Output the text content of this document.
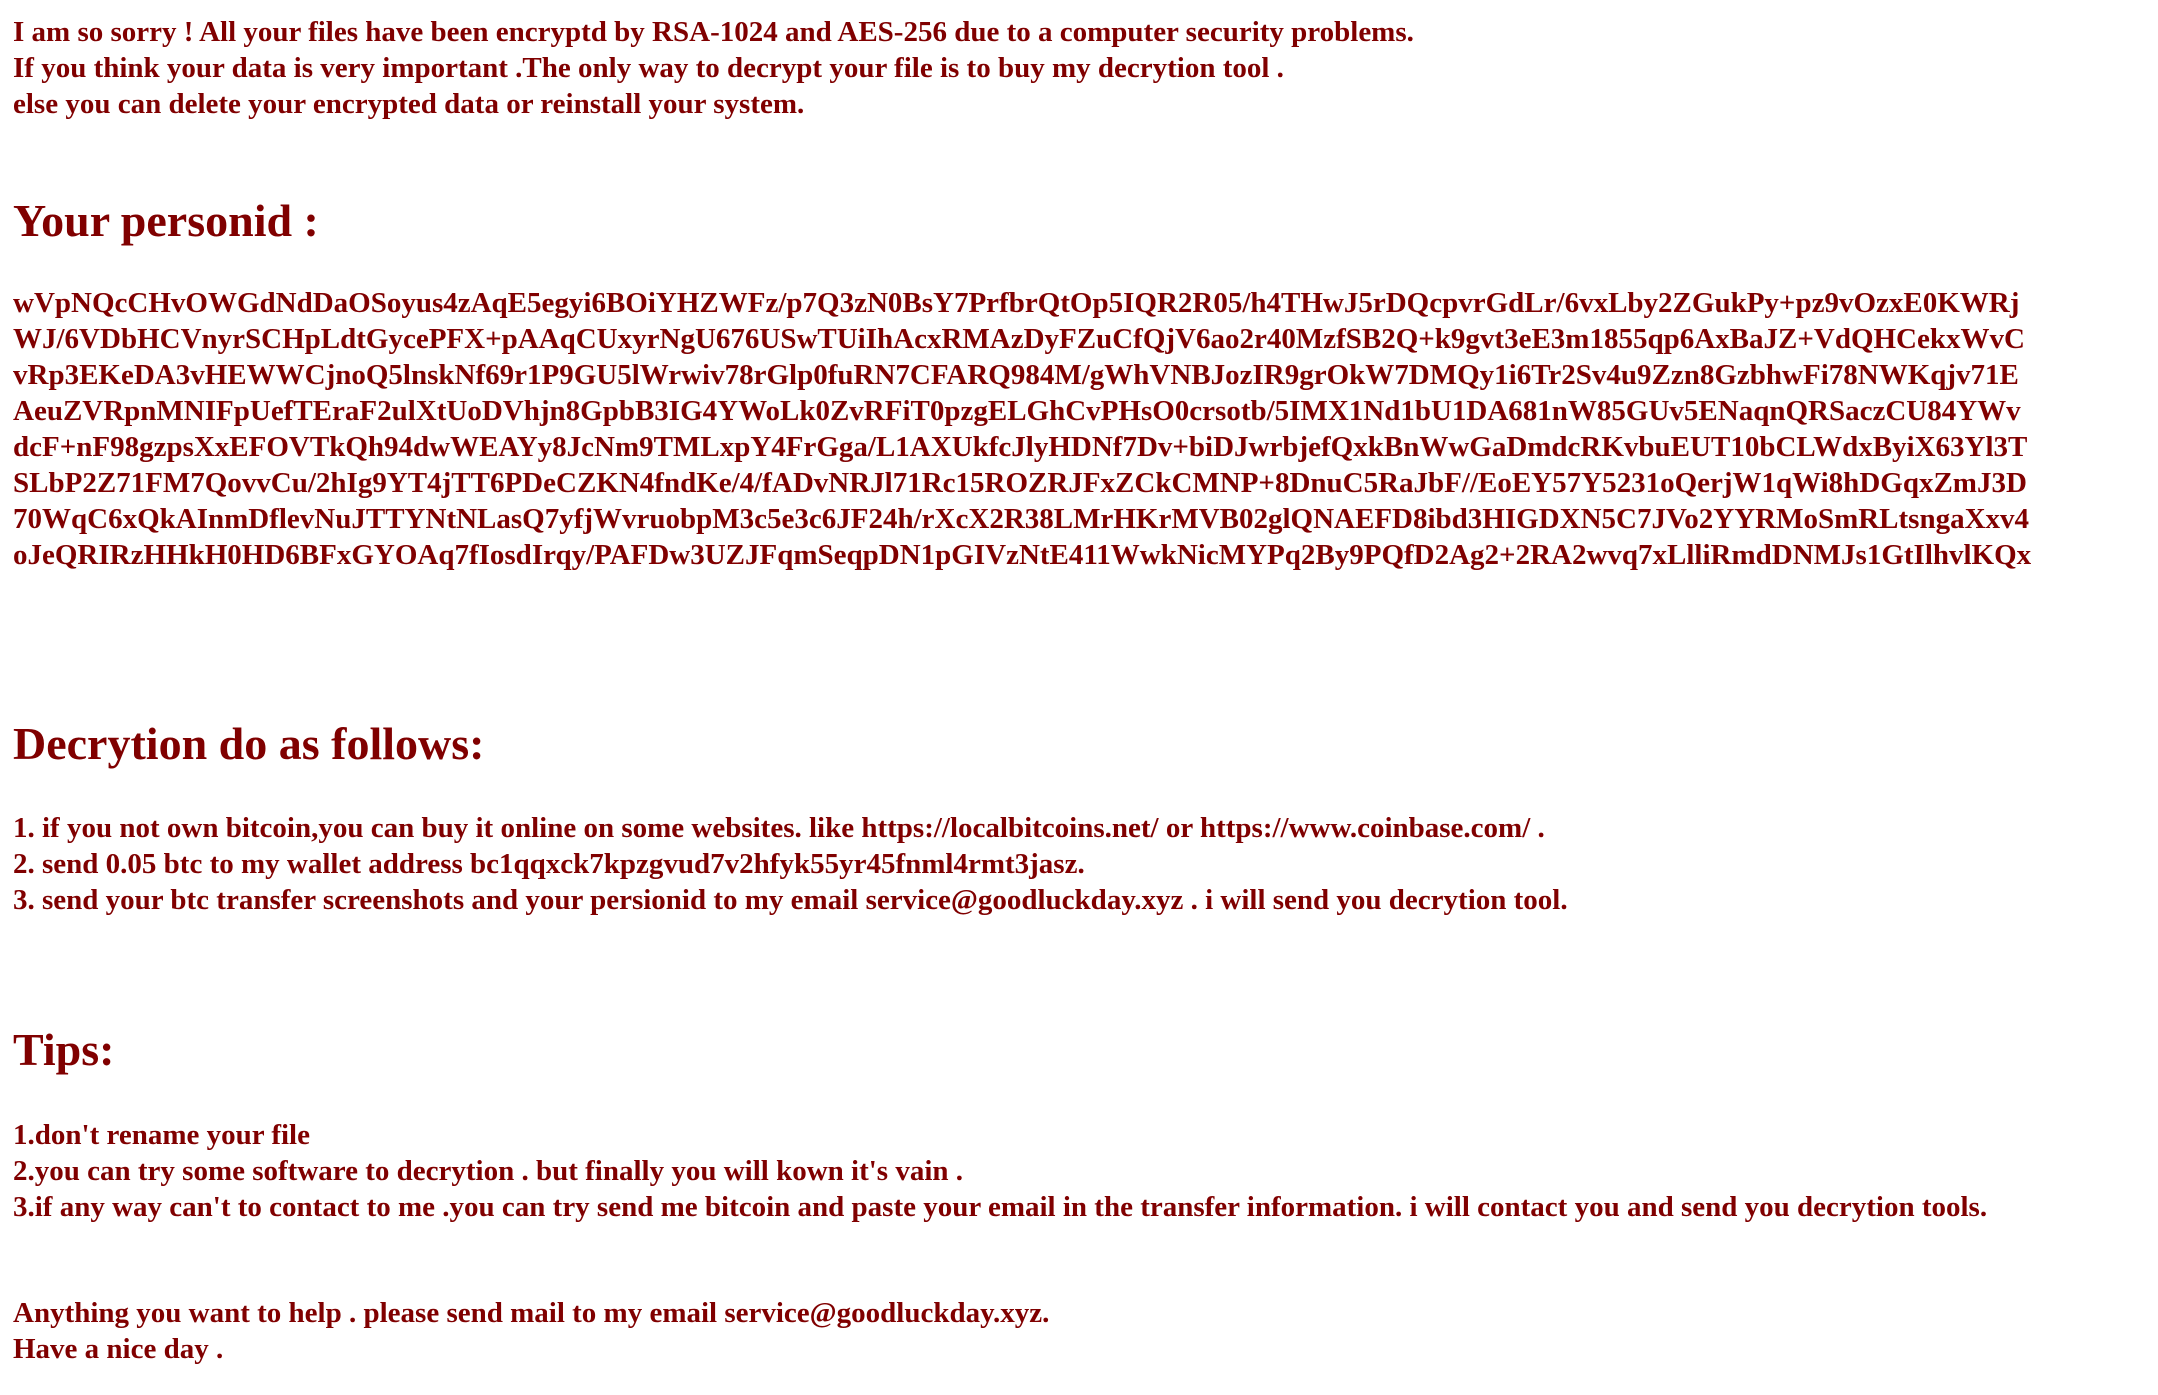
I am so sorry ! All your files have been encryptd by RSA-1024 and AES-256 due to a computer security problems.
If you think your data is very important .The only way to decrypt your file is to buy my decrytion tool .
else you can delete your encrypted data or reinstall your system.
Your personid :
wVpNQcCHvOWGdNdDaOSoyus4zAqE5egyi6BOiYHZWFz/p7Q3zN0BsY7PrfbrQtOp5IQR2R05/h4THwJ5rDQcpvrGdLr/6vxLby2ZGukPy+pz9vOzxE0KWRj
WJ/6VDbHCVnyrSCHpLdtGycePFX+pAAqCUxyrNgU676USwTUiIhAcxRMAzDyFZuCfQjV6ao2r40MzfSB2Q+k9gvt3eE3m1855qp6AxBaJZ+VdQHCekxWvC
vRp3EKeDA3vHEWWCjnoQ5lnskNf69r1P9GU5lWrwiv78rGlp0fuRN7CFARQ984M/gWhVNBJozIR9grOkW7DMQy1i6Tr2Sv4u9Zzn8GzbhwFi78NWKqjv71E
AeuZVRpnMNIFpUefTEraF2ulXtUoDVhjn8GpbB3IG4YWoLk0ZvRFiT0pzgELGhCvPHsO0crsotb/5IMX1Nd1bU1DA681nW85GUv5ENaqnQRSaczCU84YWv
dcF+nF98gzpsXxEFOVTkQh94dwWEAYy8JcNm9TMLxpY4FrGga/L1AXUkfcJlyHDNf7Dv+biDJwrbjefQxkBnWwGaDmdcRKvbuEUT10bCLWdxByiX63Yl3T
SLbP2Z71FM7QovvCu/2hIg9YT4jTT6PDeCZKN4fndKe/4/fADvNRJl71Rc15ROZRJFxZCkCMNP+8DnuC5RaJbF//EoEY57Y5231oQerjW1qWi8hDGqxZmJ3D
70WqC6xQkAInmDflevNuJTTYNtNLasQ7yfjWvruobpM3c5e3c6JF24h/rXcX2R38LMrHKrMVB02glQNAEFD8ibd3HIGDXN5C7JVo2YYRMoSmRLtsngaXxv4
oJeQRIRzHHkH0HD6BFxGYOAq7fIosdIrqy/PAFDw3UZJFqmSeqpDN1pGIVzNtE411WwkNicMYPq2By9PQfD2Ag2+2RA2wvq7xLlliRmdDNMJs1GtIlhvlKQx
Decrytion do as follows:
1. if you not own bitcoin,you can buy it online on some websites. like https://localbitcoins.net/ or https://www.coinbase.com/ .
2. send 0.05 btc to my wallet address bc1qqxck7kpzgvud7v2hfyk55yr45fnml4rmt3jasz.
3. send your btc transfer screenshots and your persionid to my email service@goodluckday.xyz . i will send you decrytion tool.
Tips:
1.don't rename your file
2.you can try some software to decrytion . but finally you will kown it's vain .
3.if any way can't to contact to me .you can try send me bitcoin and paste your email in the transfer information. i will contact you and send you decrytion tools.
Anything you want to help . please send mail to my email service@goodluckday.xyz.
Have a nice day .
